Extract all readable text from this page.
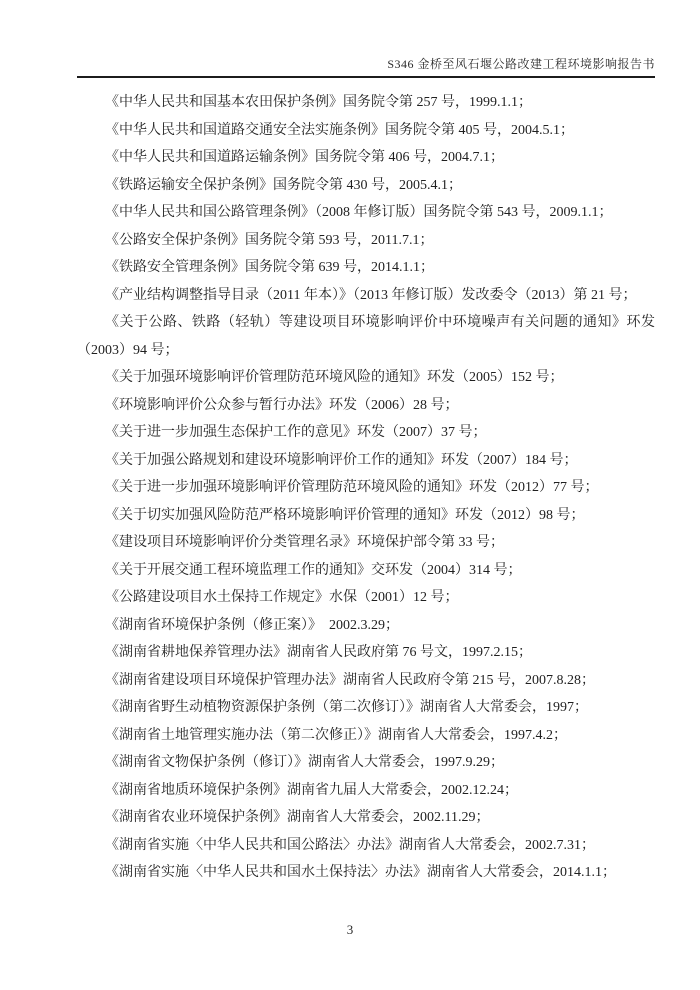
S346 金桥至风石堰公路改建工程环境影响报告书

《中华人民共和国基本农田保护条例》国务院令第 257 号，1999.1.1；

《中华人民共和国道路交通安全法实施条例》国务院令第 405 号，2004.5.1；

《中华人民共和国道路运输条例》国务院令第 406 号，2004.7.1；

《铁路运输安全保护条例》国务院令第 430 号，2005.4.1；

《中华人民共和国公路管理条例》（2008 年修订版）国务院令第 543 号，2009.1.1；

《公路安全保护条例》国务院令第 593 号，2011.7.1；

《铁路安全管理条例》国务院令第 639 号，2014.1.1；

《产业结构调整指导目录（2011 年本）》（2013 年修订版）发改委令（2013）第 21 号；

《关于公路、铁路（轻轨）等建设项目环境影响评价中环境噪声有关问题的通知》环发（2003）94 号；

《关于加强环境影响评价管理防范环境风险的通知》环发（2005）152 号；

《环境影响评价公众参与暂行办法》环发（2006）28 号；

《关于进一步加强生态保护工作的意见》环发（2007）37 号；

《关于加强公路规划和建设环境影响评价工作的通知》环发（2007）184 号；

《关于进一步加强环境影响评价管理防范环境风险的通知》环发（2012）77 号；

《关于切实加强风险防范严格环境影响评价管理的通知》环发（2012）98 号；

《建设项目环境影响评价分类管理名录》环境保护部令第 33 号；

《关于开展交通工程环境监理工作的通知》交环发（2004）314 号；

《公路建设项目水土保持工作规定》水保（2001）12 号；

《湖南省环境保护条例（修正案）》　2002.3.29；

《湖南省耕地保养管理办法》湖南省人民政府第 76 号文，1997.2.15；

《湖南省建设项目环境保护管理办法》湖南省人民政府令第 215 号，2007.8.28；

《湖南省野生动植物资源保护条例（第二次修订）》湖南省人大常委会，1997；

《湖南省土地管理实施办法（第二次修正）》湖南省人大常委会，1997.4.2；

《湖南省文物保护条例（修订）》湖南省人大常委会，1997.9.29；

《湖南省地质环境保护条例》湖南省九届人大常委会，2002.12.24；

《湖南省农业环境保护条例》湖南省人大常委会，2002.11.29；

《湖南省实施〈中华人民共和国公路法〉办法》湖南省人大常委会，2002.7.31；

《湖南省实施〈中华人民共和国水土保持法〉办法》湖南省人大常委会，2014.1.1；

3
